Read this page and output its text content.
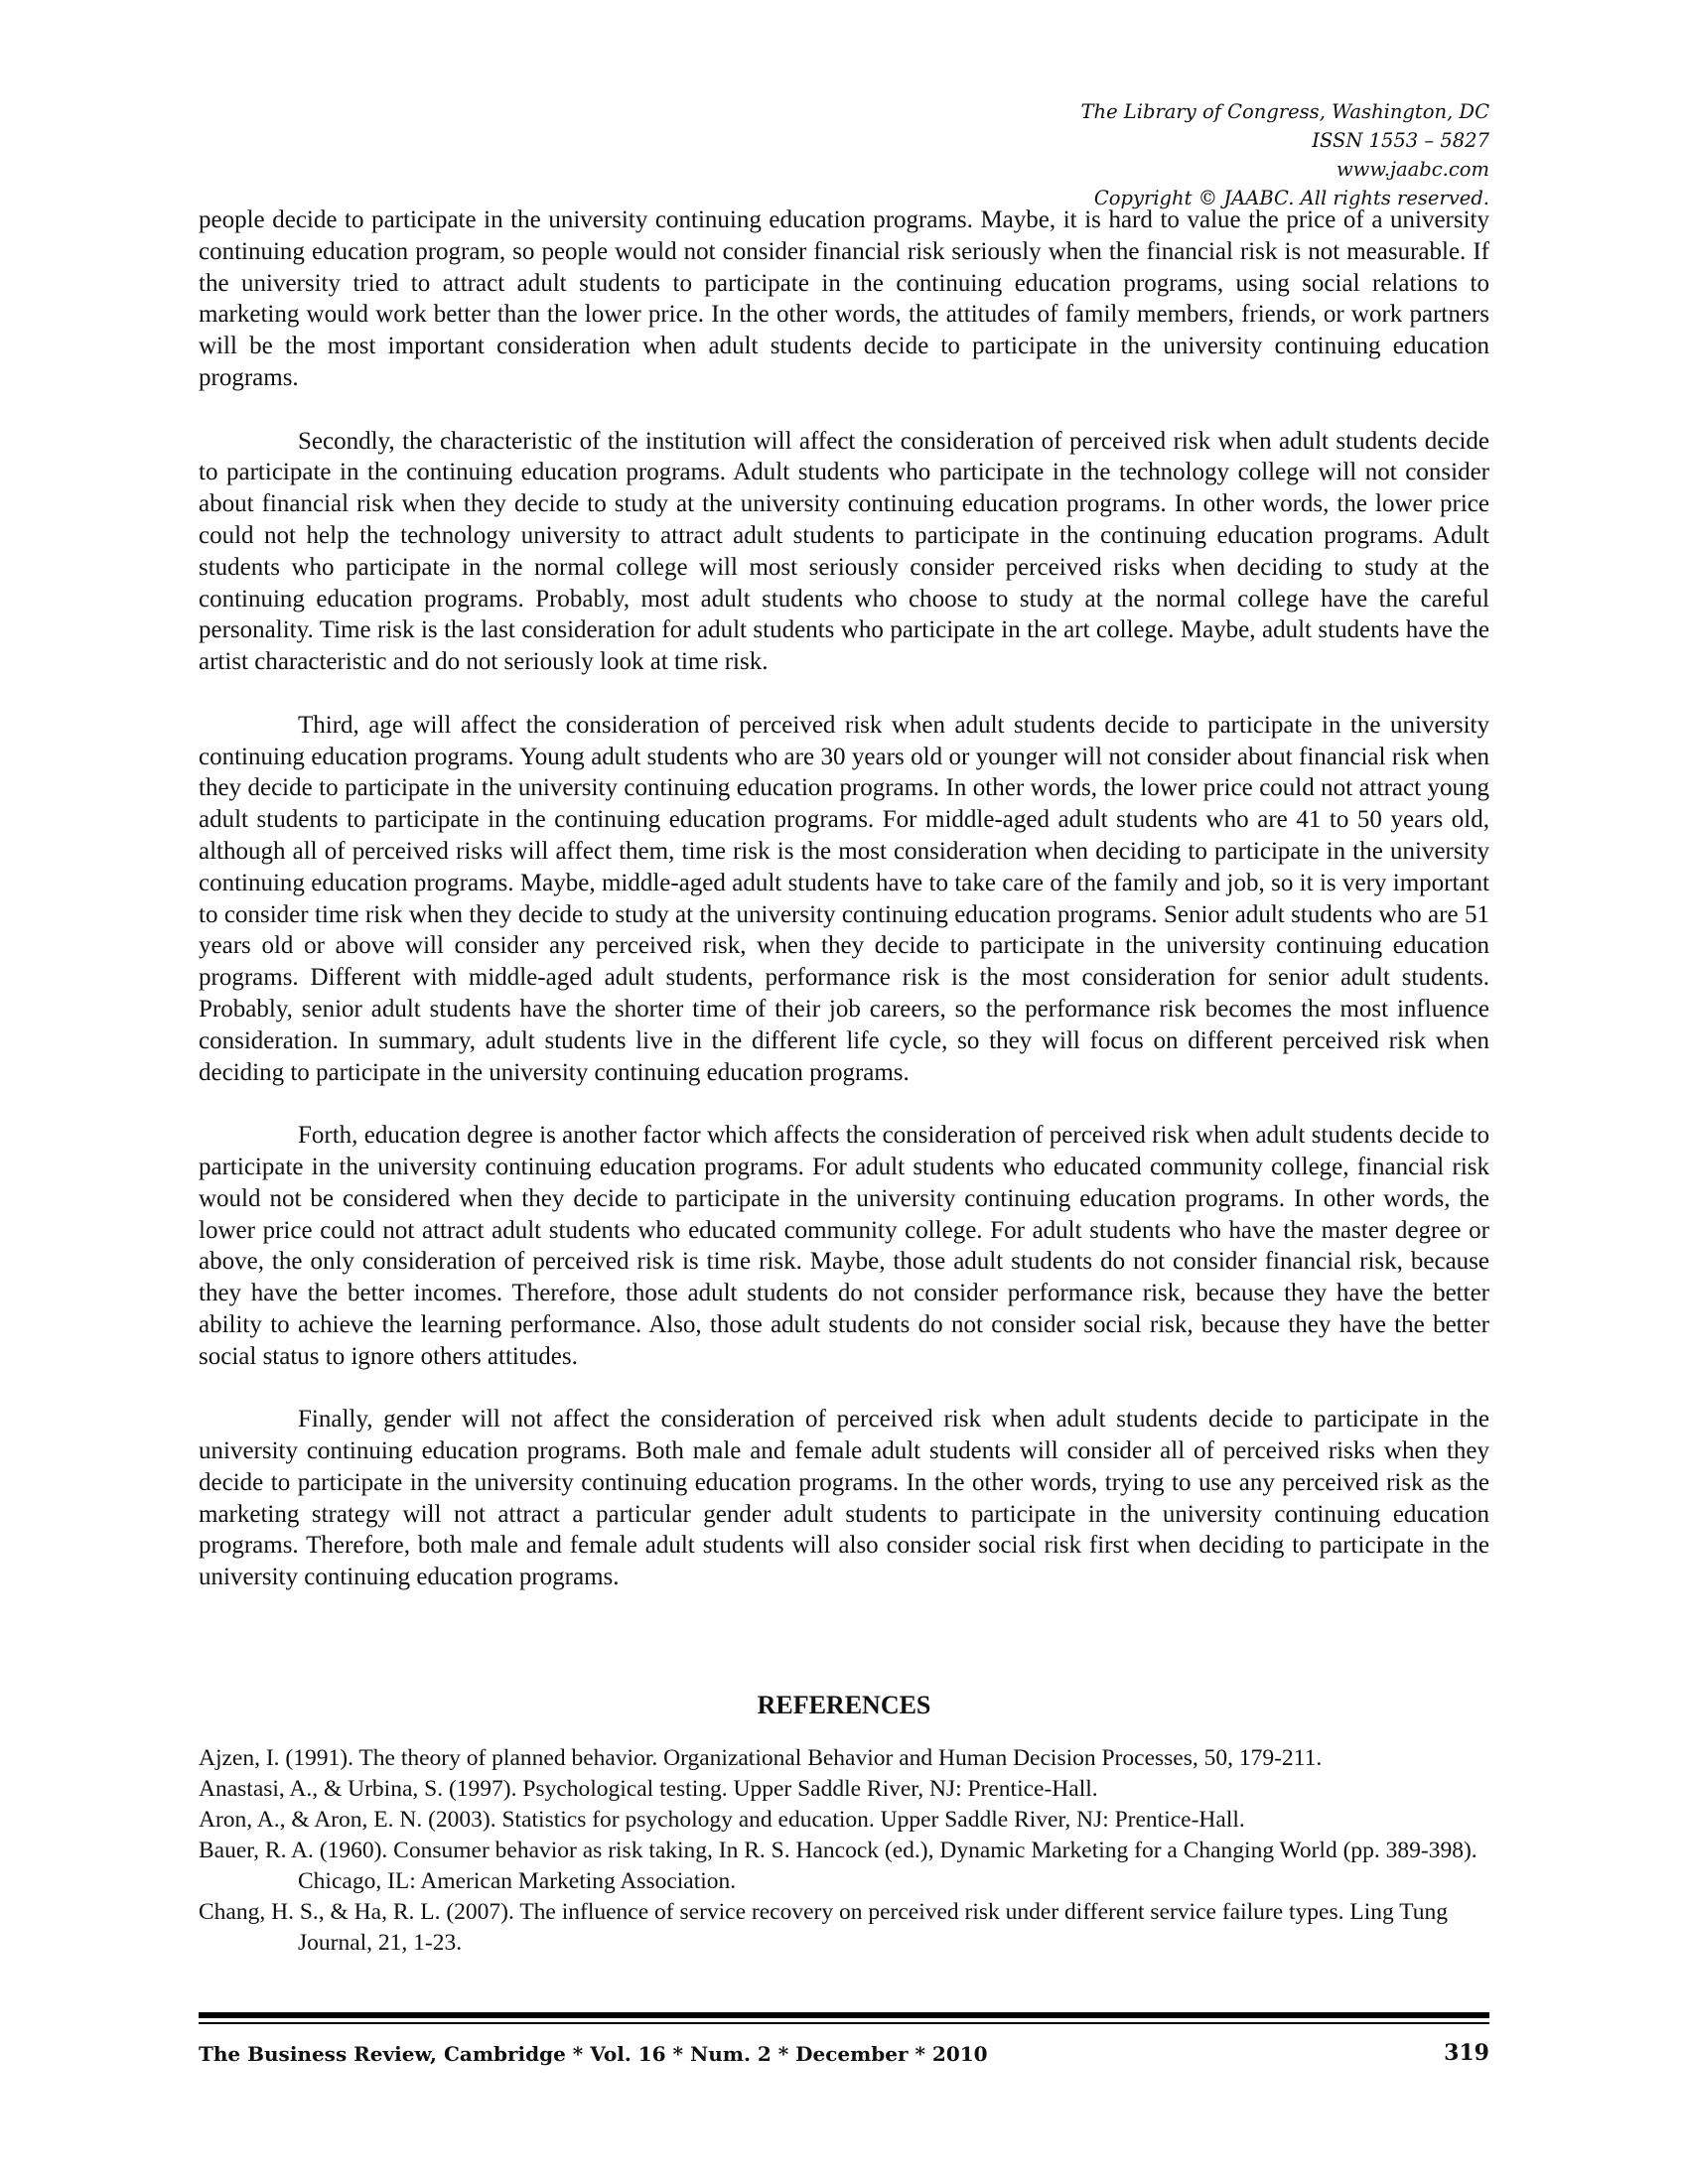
The Library of Congress, Washington, DC
ISSN 1553 – 5827
www.jaabc.com
Copyright © JAABC. All rights reserved.

people decide to participate in the university continuing education programs. Maybe, it is hard to value the price of a university continuing education program, so people would not consider financial risk seriously when the financial risk is not measurable. If the university tried to attract adult students to participate in the continuing education programs, using social relations to marketing would work better than the lower price. In the other words, the attitudes of family members, friends, or work partners will be the most important consideration when adult students decide to participate in the university continuing education programs.

Secondly, the characteristic of the institution will affect the consideration of perceived risk when adult students decide to participate in the continuing education programs. Adult students who participate in the technology college will not consider about financial risk when they decide to study at the university continuing education programs. In other words, the lower price could not help the technology university to attract adult students to participate in the continuing education programs. Adult students who participate in the normal college will most seriously consider perceived risks when deciding to study at the continuing education programs. Probably, most adult students who choose to study at the normal college have the careful personality. Time risk is the last consideration for adult students who participate in the art college. Maybe, adult students have the artist characteristic and do not seriously look at time risk.

Third, age will affect the consideration of perceived risk when adult students decide to participate in the university continuing education programs. Young adult students who are 30 years old or younger will not consider about financial risk when they decide to participate in the university continuing education programs. In other words, the lower price could not attract young adult students to participate in the continuing education programs. For middle-aged adult students who are 41 to 50 years old, although all of perceived risks will affect them, time risk is the most consideration when deciding to participate in the university continuing education programs. Maybe, middle-aged adult students have to take care of the family and job, so it is very important to consider time risk when they decide to study at the university continuing education programs. Senior adult students who are 51 years old or above will consider any perceived risk, when they decide to participate in the university continuing education programs. Different with middle-aged adult students, performance risk is the most consideration for senior adult students. Probably, senior adult students have the shorter time of their job careers, so the performance risk becomes the most influence consideration. In summary, adult students live in the different life cycle, so they will focus on different perceived risk when deciding to participate in the university continuing education programs.

Forth, education degree is another factor which affects the consideration of perceived risk when adult students decide to participate in the university continuing education programs. For adult students who educated community college, financial risk would not be considered when they decide to participate in the university continuing education programs. In other words, the lower price could not attract adult students who educated community college. For adult students who have the master degree or above, the only consideration of perceived risk is time risk. Maybe, those adult students do not consider financial risk, because they have the better incomes. Therefore, those adult students do not consider performance risk, because they have the better ability to achieve the learning performance. Also, those adult students do not consider social risk, because they have the better social status to ignore others attitudes.

Finally, gender will not affect the consideration of perceived risk when adult students decide to participate in the university continuing education programs. Both male and female adult students will consider all of perceived risks when they decide to participate in the university continuing education programs. In the other words, trying to use any perceived risk as the marketing strategy will not attract a particular gender adult students to participate in the university continuing education programs. Therefore, both male and female adult students will also consider social risk first when deciding to participate in the university continuing education programs.

REFERENCES

Ajzen, I. (1991). The theory of planned behavior. Organizational Behavior and Human Decision Processes, 50, 179-211.

Anastasi, A., & Urbina, S. (1997). Psychological testing. Upper Saddle River, NJ: Prentice-Hall.

Aron, A., & Aron, E. N. (2003). Statistics for psychology and education. Upper Saddle River, NJ: Prentice-Hall.

Bauer, R. A. (1960). Consumer behavior as risk taking, In R. S. Hancock (ed.), Dynamic Marketing for a Changing World (pp. 389-398). Chicago, IL: American Marketing Association.

Chang, H. S., & Ha, R. L. (2007). The influence of service recovery on perceived risk under different service failure types. Ling Tung Journal, 21, 1-23.

The Business Review, Cambridge * Vol. 16 * Num. 2 * December * 2010	319
